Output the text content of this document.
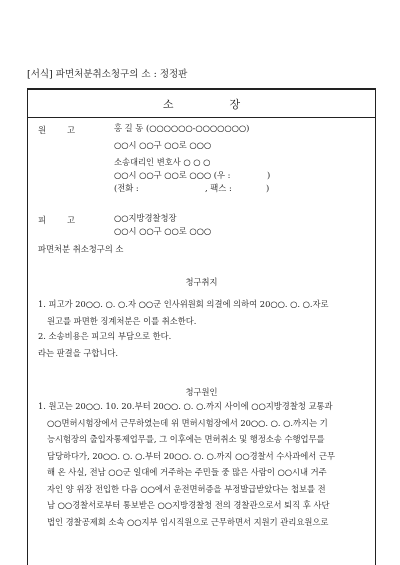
[서식] 파면처분취소청구의 소 : 정정판
소	장
원	고	홍 길 동 (○○○○○○-○○○○○○○)
○○시 ○○구 ○○로 ○○○
소송대리인 변호사 ○ ○ ○
○○시 ○○구 ○○로 ○○○ (우 :	)
(전화 :	, 팩스 :	)
피	고	○○지방경찰청장
○○시 ○○구 ○○로 ○○○
파면처분 취소청구의 소
청구취지
1. 피고가 20○○. ○. ○.자 ○○군 인사위원회 의결에 의하여 20○○. ○. ○.자로
원고를 파면한 징계처분은 이를 취소한다.
2. 소송비용은 피고의 부담으로 한다.
라는 판결을 구합니다.
청구원인
1. 원고는 20○○. 10. 20.부터 20○○. ○. ○.까지 사이에 ○○지방경찰청 교통과
○○면허시험장에서 근무하였는데 위 면허시험장에서 20○○. ○. ○.까지는 기
능시험장의 출입자통제업무를, 그 이후에는 면허취소 및 행정소송 수행업무를
담당하다가, 20○○. ○. ○.부터 20○○. ○. ○.까지 ○○경찰서 수사과에서 근무
해 온 사실, 전남 ○○군 일대에 거주하는 주민들 중 많은 사람이 ○○시내 거주
자인 양 위장 전입한 다음 ○○에서 운전면허증을 부정발급받았다는 첩보를 전
남 ○○경찰서로부터 통보받은 ○○지방경찰청 전의 경찰관으로서 퇴직 후 사단
법인 경찰공제회 소속 ○○지부 임시직원으로 근무하면서 지원기 관리요원으로
